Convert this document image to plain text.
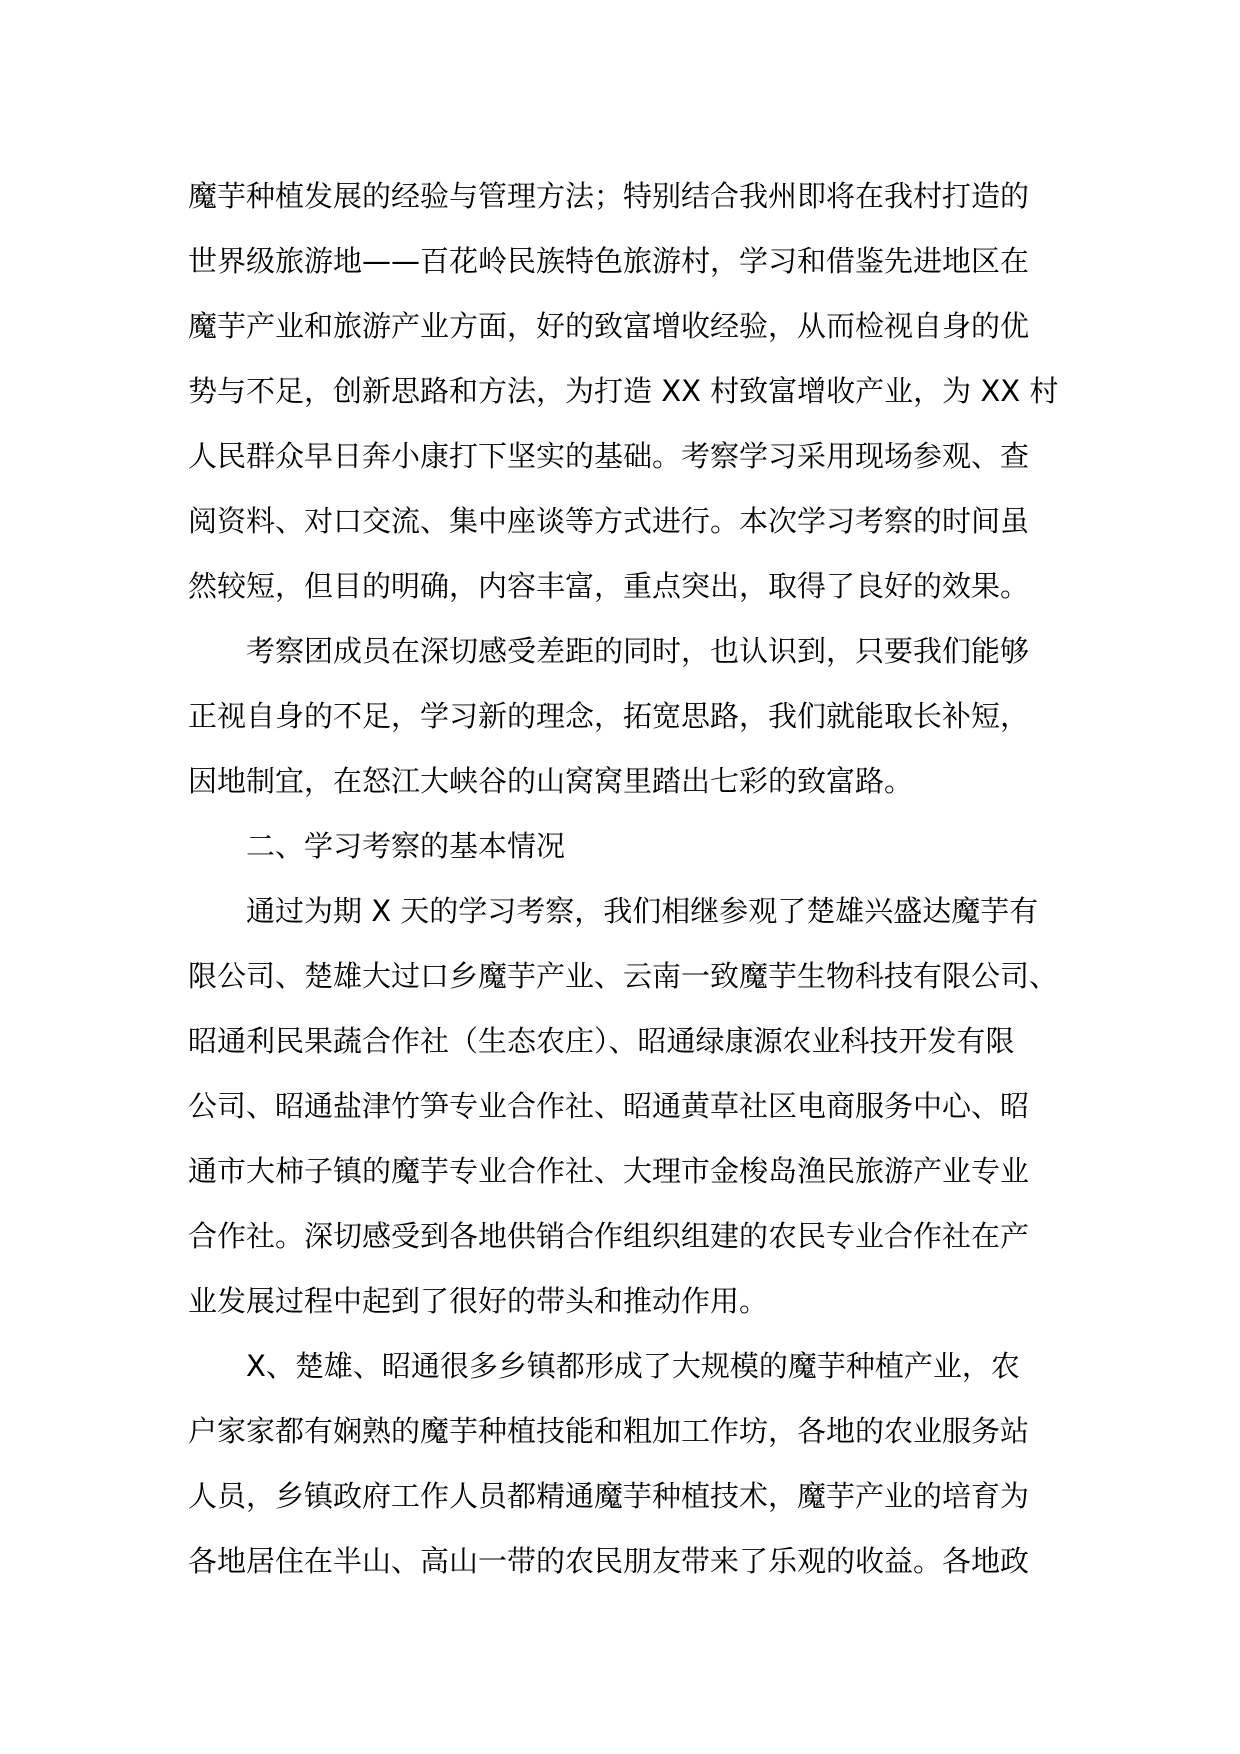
魔芋种植发展的经验与管理方法；特别结合我州即将在我村打造的
世界级旅游地——百花岭民族特色旅游村，学习和借鉴先进地区在
魔芋产业和旅游产业方面，好的致富增收经验，从而检视自身的优
势与不足，创新思路和方法，为打造 XX 村致富增收产业，为 XX 村
人民群众早日奔小康打下坚实的基础。考察学习采用现场参观、查
阅资料、对口交流、集中座谈等方式进行。本次学习考察的时间虽
然较短，但目的明确，内容丰富，重点突出，取得了良好的效果。
考察团成员在深切感受差距的同时，也认识到，只要我们能够
正视自身的不足，学习新的理念，拓宽思路，我们就能取长补短，
因地制宜，在怒江大峡谷的山窝窝里踏出七彩的致富路。
二、学习考察的基本情况
通过为期 X 天的学习考察，我们相继参观了楚雄兴盛达魔芋有
限公司、楚雄大过口乡魔芋产业、云南一致魔芋生物科技有限公司、
昭通利民果蔬合作社（生态农庄）、昭通绿康源农业科技开发有限
公司、昭通盐津竹笋专业合作社、昭通黄草社区电商服务中心、昭
通市大柿子镇的魔芋专业合作社、大理市金梭岛渔民旅游产业专业
合作社。深切感受到各地供销合作组织组建的农民专业合作社在产
业发展过程中起到了很好的带头和推动作用。
X、楚雄、昭通很多乡镇都形成了大规模的魔芋种植产业，农
户家家都有娴熟的魔芋种植技能和粗加工作坊，各地的农业服务站
人员，乡镇政府工作人员都精通魔芋种植技术，魔芋产业的培育为
各地居住在半山、高山一带的农民朋友带来了乐观的收益。各地政
